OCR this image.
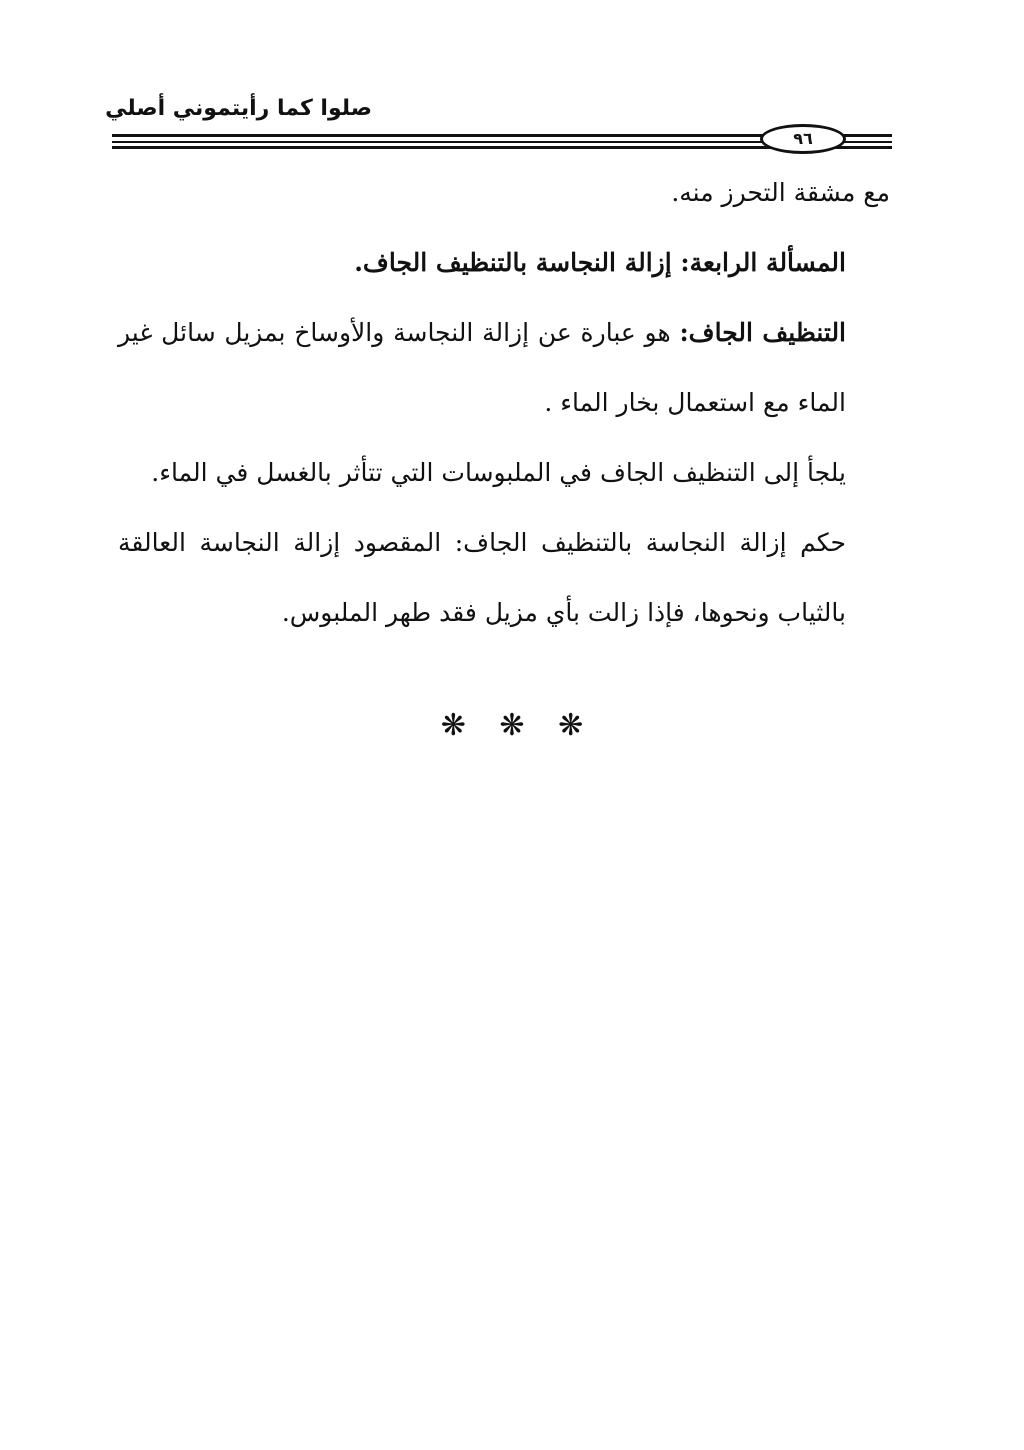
صلوا كما رأيتموني أصلي
٩٦

مع مشقة التحرز منه.

المسألة الرابعة: إزالة النجاسة بالتنظيف الجاف.

التنظيف الجاف: هو عبارة عن إزالة النجاسة والأوساخ بمزيل سائل غير الماء مع استعمال بخار الماء .

يلجأ إلى التنظيف الجاف في الملبوسات التي تتأثر بالغسل في الماء.

حكم إزالة النجاسة بالتنظيف الجاف: المقصود إزالة النجاسة العالقة بالثياب ونحوها، فإذا زالت بأي مزيل فقد طهر الملبوس.

❋ ❋ ❋
